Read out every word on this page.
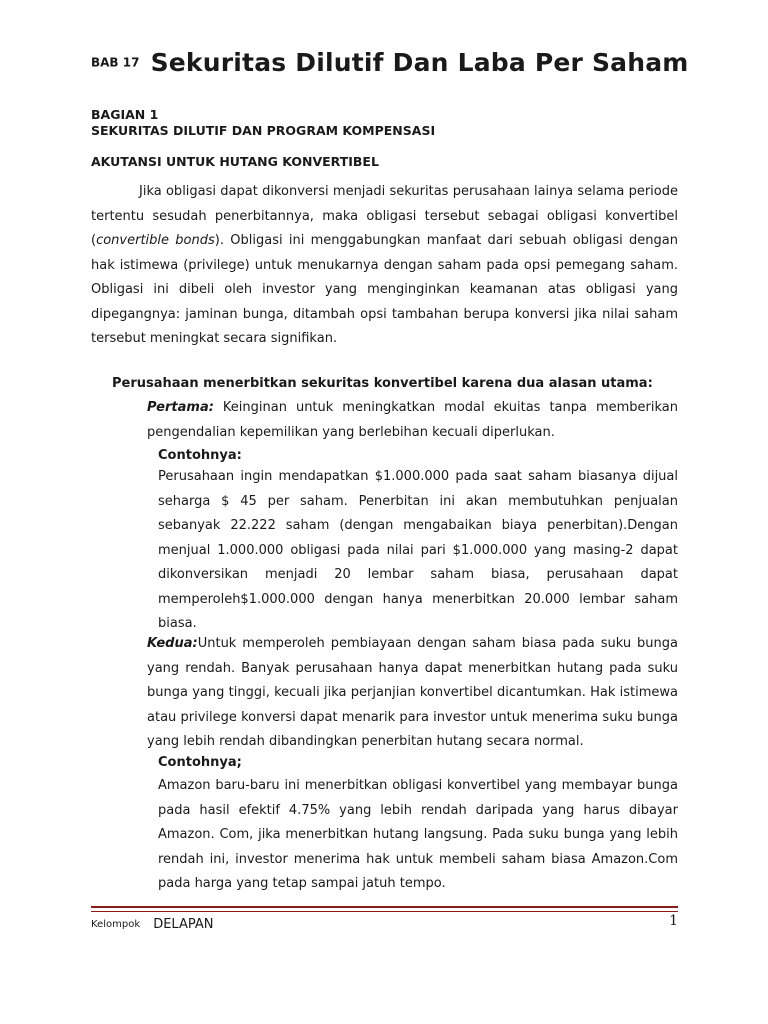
BAB 17 Sekuritas Dilutif Dan Laba Per Saham
BAGIAN 1
SEKURITAS DILUTIF DAN PROGRAM KOMPENSASI
AKUTANSI UNTUK HUTANG KONVERTIBEL

Jika obligasi dapat dikonversi menjadi sekuritas perusahaan lainya selama periode tertentu sesudah penerbitannya, maka obligasi tersebut sebagai obligasi konvertibel (convertible bonds). Obligasi ini menggabungkan manfaat dari sebuah obligasi dengan hak istimewa (privilege) untuk menukarnya dengan saham pada opsi pemegang saham. Obligasi ini dibeli oleh investor yang menginginkan keamanan atas obligasi yang dipegangnya: jaminan bunga, ditambah opsi tambahan berupa konversi jika nilai saham tersebut meningkat secara signifikan.

Perusahaan menerbitkan sekuritas konvertibel karena dua alasan utama:

Pertama: Keinginan untuk meningkatkan modal ekuitas tanpa memberikan pengendalian kepemilikan yang berlebihan kecuali diperlukan.

Contohnya:

Perusahaan ingin mendapatkan $1.000.000 pada saat saham biasanya dijual seharga $ 45 per saham. Penerbitan ini akan membutuhkan penjualan sebanyak 22.222 saham (dengan mengabaikan biaya penerbitan).Dengan menjual 1.000.000 obligasi pada nilai pari $1.000.000 yang masing-2 dapat dikonversikan menjadi 20 lembar saham biasa, perusahaan dapat memperoleh$1.000.000 dengan hanya menerbitkan 20.000 lembar saham biasa.

Kedua:Untuk memperoleh pembiayaan dengan saham biasa pada suku bunga yang rendah. Banyak perusahaan hanya dapat menerbitkan hutang pada suku bunga yang tinggi, kecuali jika perjanjian konvertibel dicantumkan. Hak istimewa atau privilege konversi dapat menarik para investor untuk menerima suku bunga yang lebih rendah dibandingkan penerbitan hutang secara normal.

Contohnya;

Amazon baru-baru ini menerbitkan obligasi konvertibel yang membayar bunga pada hasil efektif 4.75% yang lebih rendah daripada yang harus dibayar Amazon. Com, jika menerbitkan hutang langsung. Pada suku bunga yang lebih rendah ini, investor menerima hak untuk membeli saham biasa Amazon.Com pada harga yang tetap sampai jatuh tempo.

Kelompok DELAPAN	1
